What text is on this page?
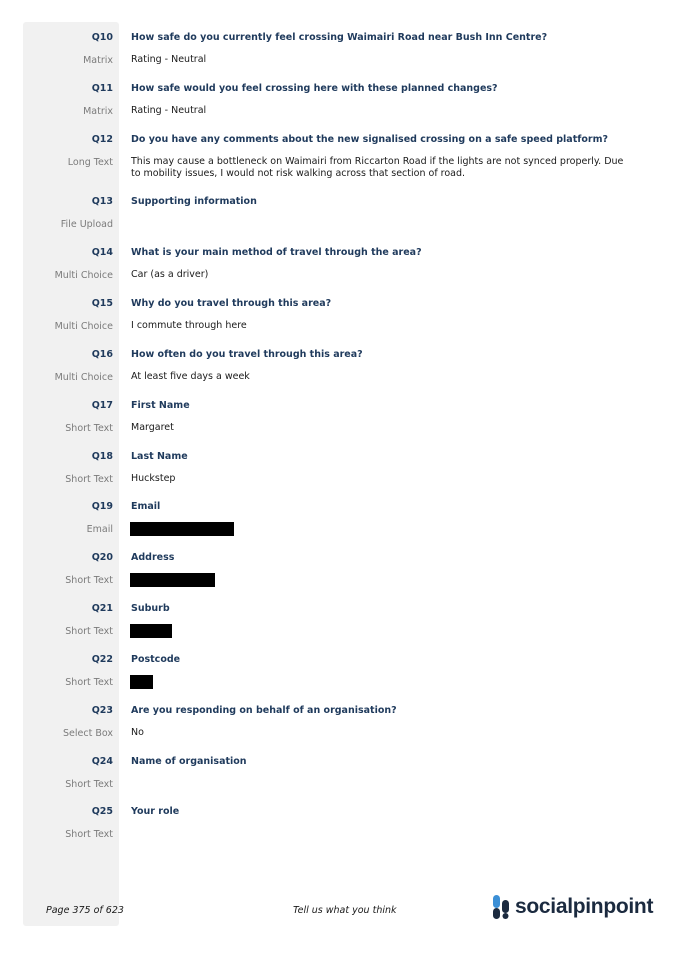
Q10 How safe do you currently feel crossing Waimairi Road near Bush Inn Centre?
Matrix Rating - Neutral
Q11 How safe would you feel crossing here with these planned changes?
Matrix Rating - Neutral
Q12 Do you have any comments about the new signalised crossing on a safe speed platform?
Long Text This may cause a bottleneck on Waimairi from Riccarton Road if the lights are not synced properly. Due to mobility issues, I would not risk walking across that section of road.
Q13 Supporting information
File Upload
Q14 What is your main method of travel through the area?
Multi Choice Car (as a driver)
Q15 Why do you travel through this area?
Multi Choice I commute through here
Q16 How often do you travel through this area?
Multi Choice At least five days a week
Q17 First Name
Short Text Margaret
Q18 Last Name
Short Text Huckstep
Q19 Email
Email
Q20 Address
Short Text
Q21 Suburb
Short Text
Q22 Postcode
Short Text
Q23 Are you responding on behalf of an organisation?
Select Box No
Q24 Name of organisation
Short Text
Q25 Your role
Short Text
Page 375 of 623	Tell us what you think	socialpinpoint
